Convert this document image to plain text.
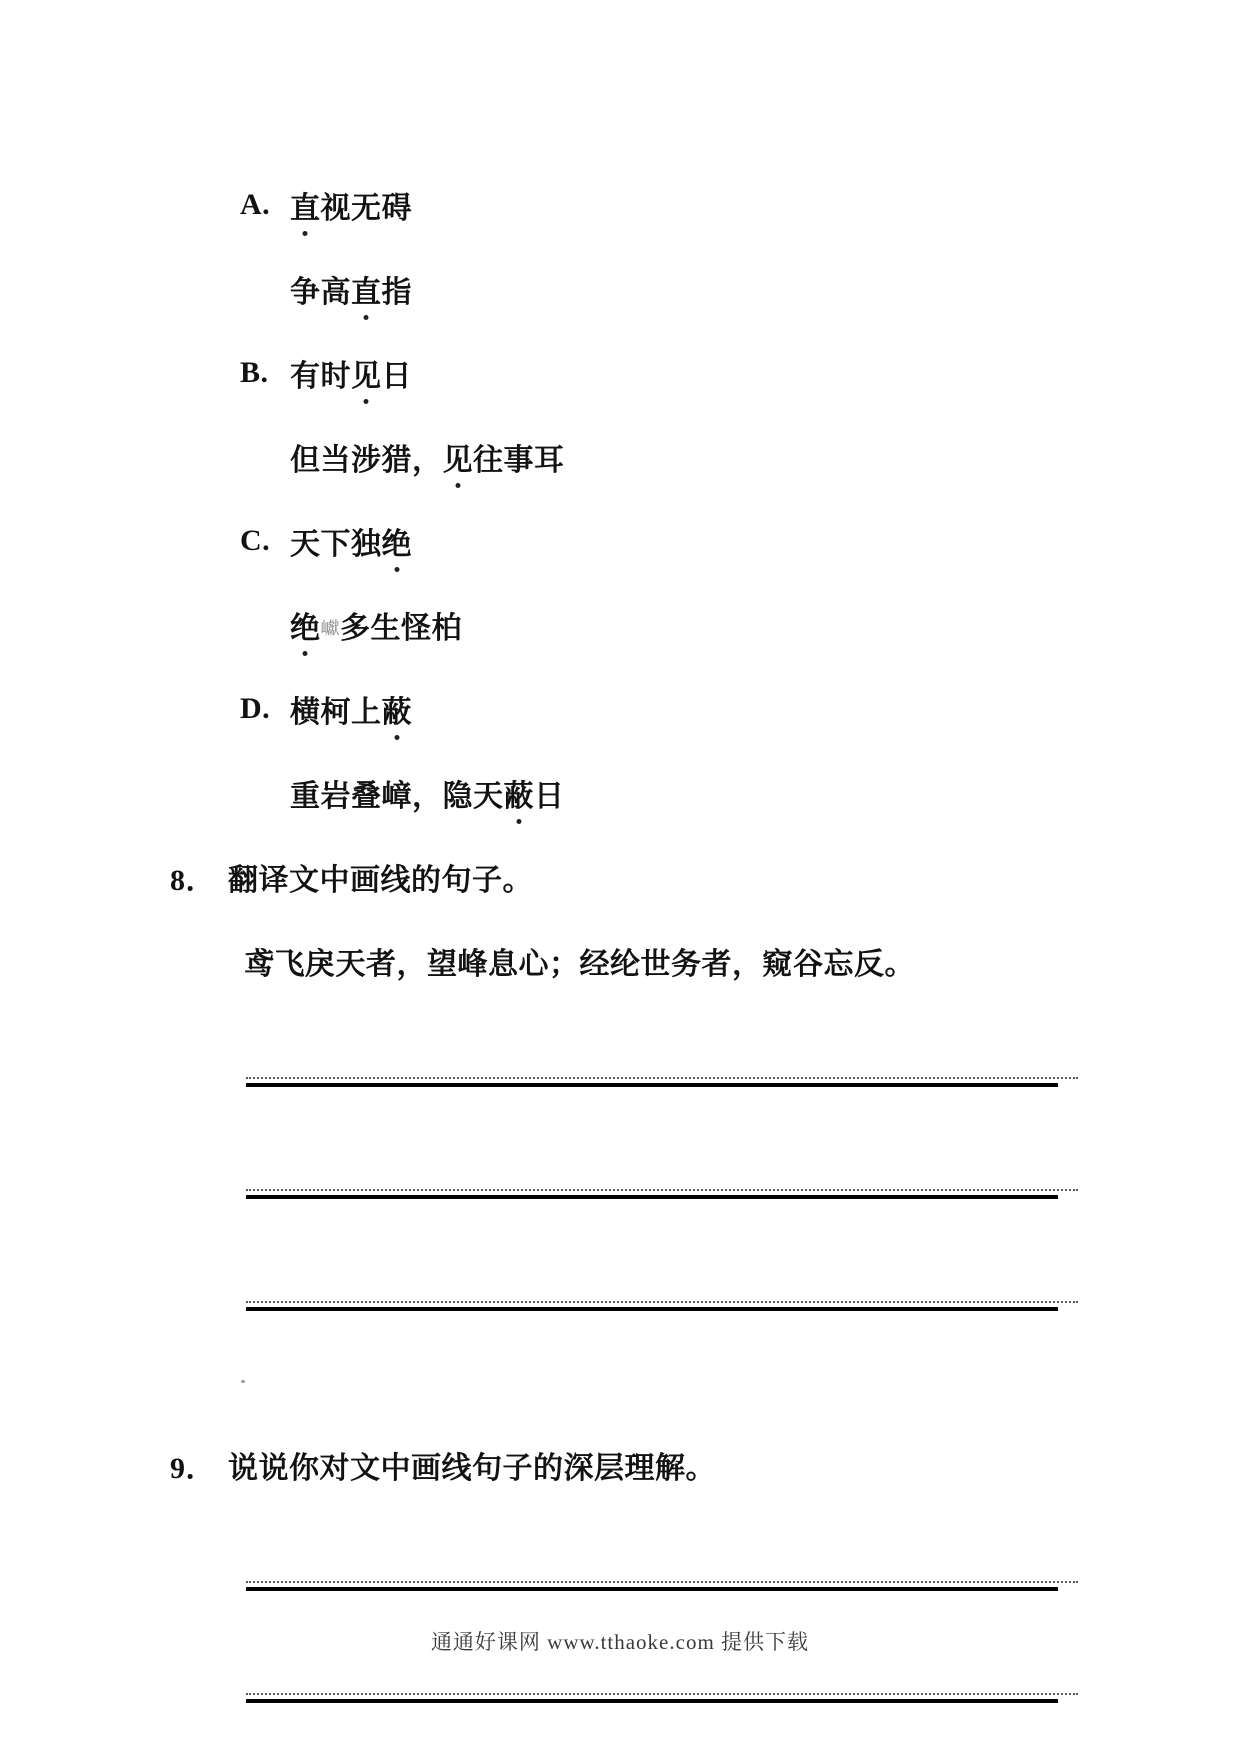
A. 直视无碍
争高直指
B. 有时见日
但当涉猎，见往事耳
C. 天下独绝
绝巘多生怪柏
D. 横柯上蔽
重岩叠嶂，隐天蔽日
8． 翻译文中画线的句子。
鸢飞戾天者，望峰息心；经纶世务者，窥谷忘反。
9． 说说你对文中画线句子的深层理解。
通通好课网 www.tthaoke.com 提供下载
